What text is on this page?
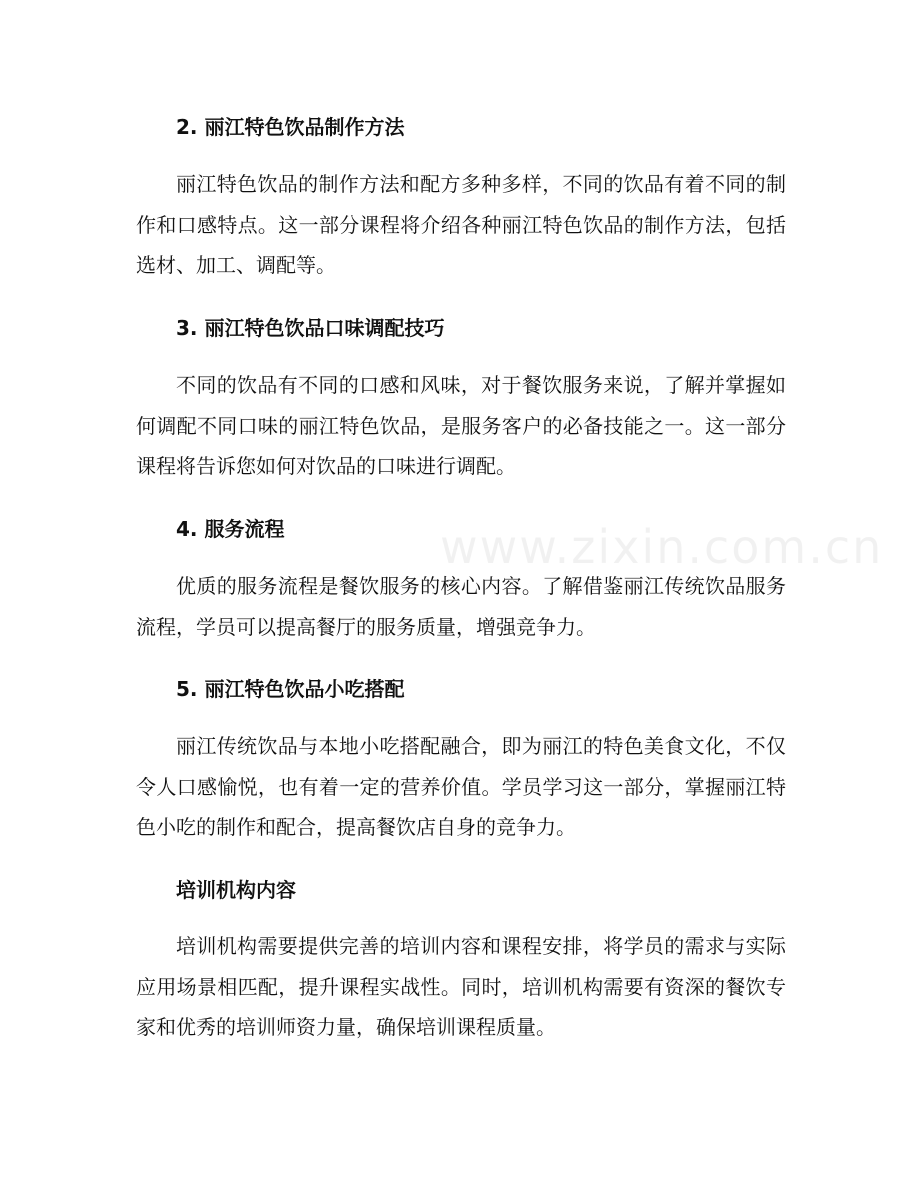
www.zixin.com.cn
2. 丽江特色饮品制作方法

丽江特色饮品的制作方法和配方多种多样，不同的饮品有着不同的制作和口感特点。这一部分课程将介绍各种丽江特色饮品的制作方法，包括选材、加工、调配等。

3. 丽江特色饮品口味调配技巧

不同的饮品有不同的口感和风味，对于餐饮服务来说，了解并掌握如何调配不同口味的丽江特色饮品，是服务客户的必备技能之一。这一部分课程将告诉您如何对饮品的口味进行调配。

4. 服务流程

优质的服务流程是餐饮服务的核心内容。了解借鉴丽江传统饮品服务流程，学员可以提高餐厅的服务质量，增强竞争力。

5. 丽江特色饮品小吃搭配

丽江传统饮品与本地小吃搭配融合，即为丽江的特色美食文化，不仅令人口感愉悦，也有着一定的营养价值。学员学习这一部分，掌握丽江特色小吃的制作和配合，提高餐饮店自身的竞争力。

培训机构内容

培训机构需要提供完善的培训内容和课程安排，将学员的需求与实际应用场景相匹配，提升课程实战性。同时，培训机构需要有资深的餐饮专家和优秀的培训师资力量，确保培训课程质量。
